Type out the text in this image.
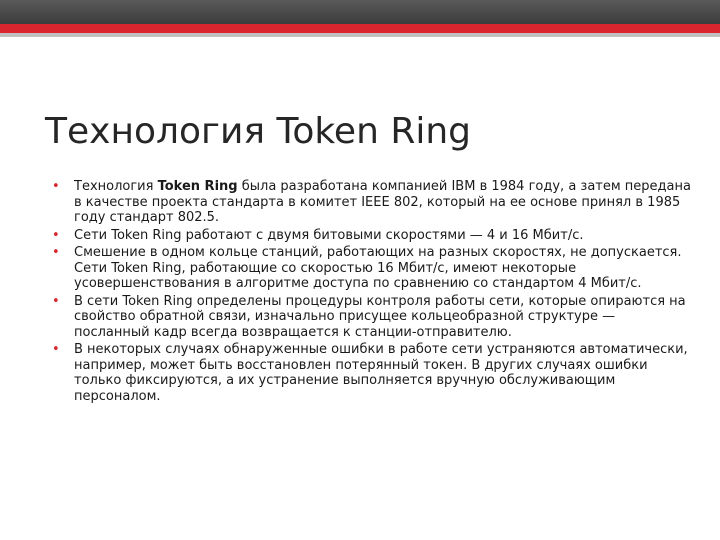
Технология Token Ring
• Технология Token Ring была разработана компанией IBM в 1984 году, а затем передана в качестве проекта стандарта в комитет IEEE 802, который на ее основе принял в 1985 году стандарт 802.5.
• Сети Token Ring работают с двумя битовыми скоростями — 4 и 16 Мбит/с.
• Смешение в одном кольце станций, работающих на разных скоростях, не допускается. Сети Token Ring, работающие со скоростью 16 Мбит/с, имеют некоторые усовершенствования в алгоритме доступа по сравнению со стандартом 4 Мбит/с.
• В сети Token Ring определены процедуры контроля работы сети, которые опираются на свойство обратной связи, изначально присущее кольцеобразной структуре — посланный кадр всегда возвращается к станции-отправителю.
• В некоторых случаях обнаруженные ошибки в работе сети устраняются автоматически, например, может быть восстановлен потерянный токен. В других случаях ошибки только фиксируются, а их устранение выполняется вручную обслуживающим персоналом.
